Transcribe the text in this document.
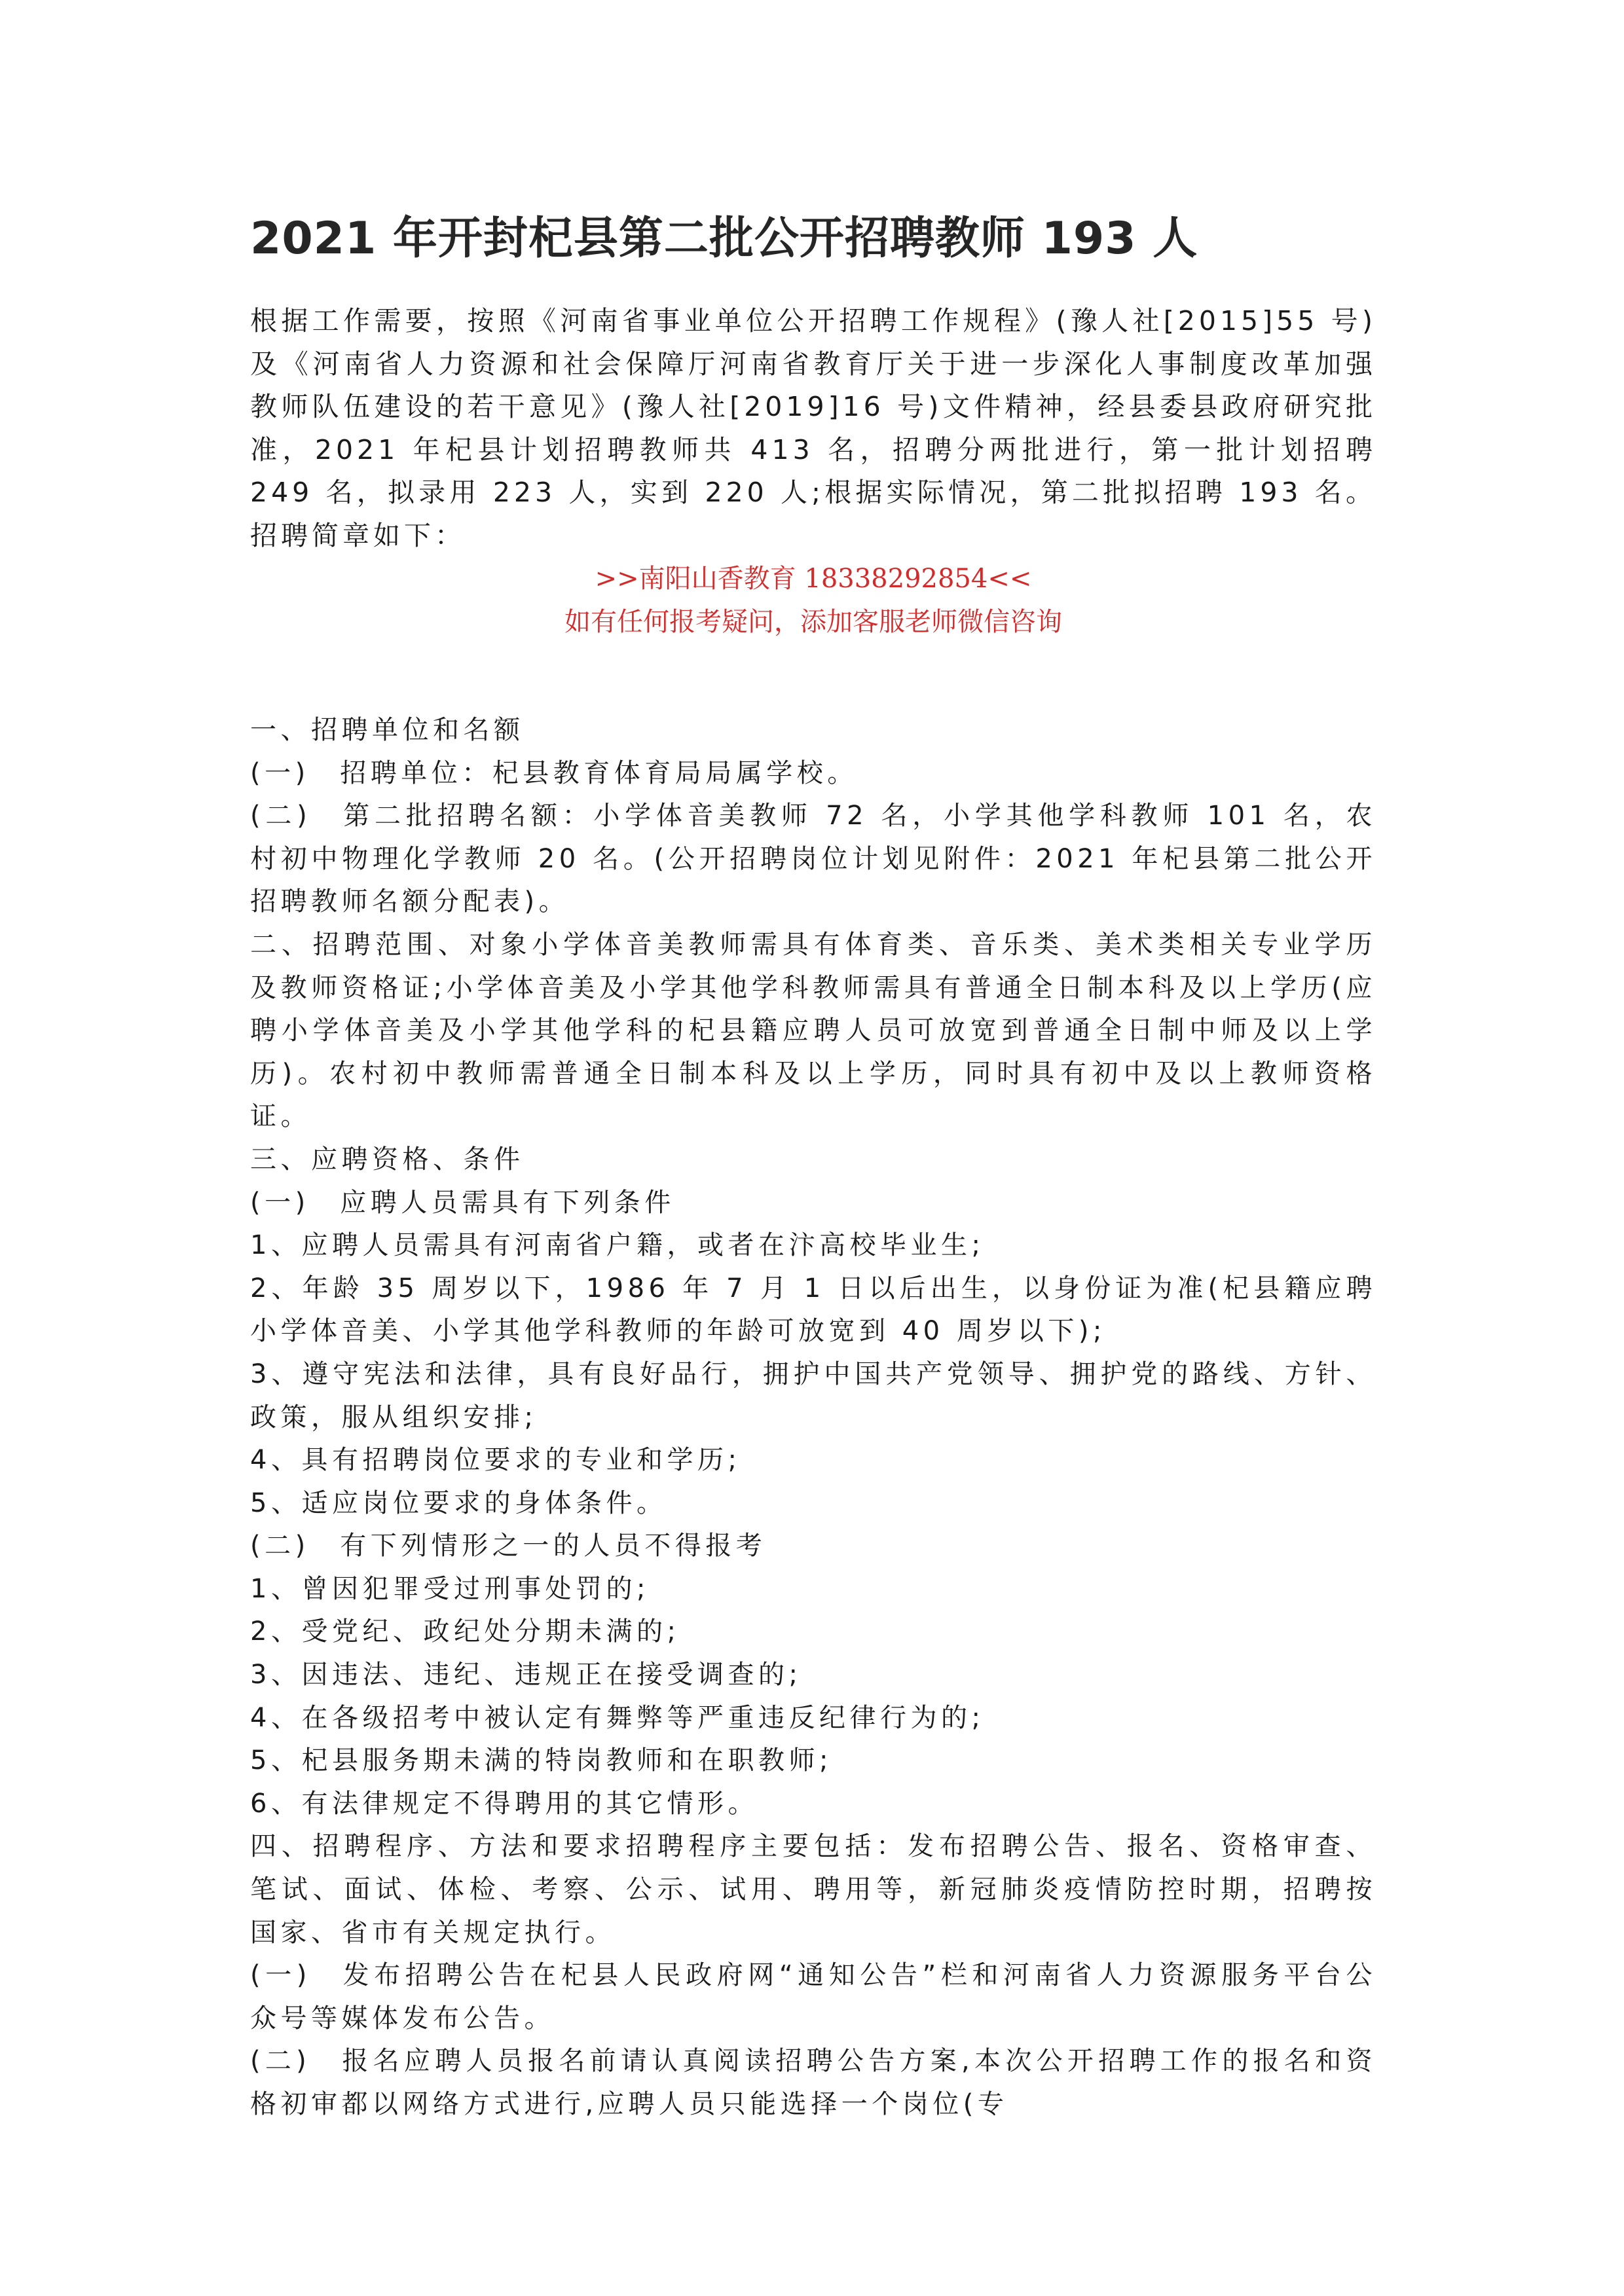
2021 年开封杞县第二批公开招聘教师 193 人

根据工作需要，按照《河南省事业单位公开招聘工作规程》(豫人社[2015]55 号)及《河南省人力资源和社会保障厅河南省教育厅关于进一步深化人事制度改革加强教师队伍建设的若干意见》(豫人社[2019]16 号)文件精神，经县委县政府研究批准，2021 年杞县计划招聘教师共 413 名，招聘分两批进行，第一批计划招聘 249 名，拟录用 223 人，实到 220 人;根据实际情况，第二批拟招聘 193 名。招聘简章如下：

>>南阳山香教育 18338292854<<
如有任何报考疑问，添加客服老师微信咨询

一、招聘单位和名额

(一)　招聘单位：杞县教育体育局局属学校。

(二)　第二批招聘名额：小学体音美教师 72 名，小学其他学科教师 101 名，农村初中物理化学教师 20 名。(公开招聘岗位计划见附件：2021 年杞县第二批公开招聘教师名额分配表)。

二、招聘范围、对象小学体音美教师需具有体育类、音乐类、美术类相关专业学历及教师资格证;小学体音美及小学其他学科教师需具有普通全日制本科及以上学历(应聘小学体音美及小学其他学科的杞县籍应聘人员可放宽到普通全日制中师及以上学历)。农村初中教师需普通全日制本科及以上学历，同时具有初中及以上教师资格证。

三、应聘资格、条件

(一)　应聘人员需具有下列条件

1、应聘人员需具有河南省户籍，或者在汴高校毕业生;

2、年龄 35 周岁以下，1986 年 7 月 1 日以后出生，以身份证为准(杞县籍应聘小学体音美、小学其他学科教师的年龄可放宽到 40 周岁以下);

3、遵守宪法和法律，具有良好品行，拥护中国共产党领导、拥护党的路线、方针、政策，服从组织安排;

4、具有招聘岗位要求的专业和学历;

5、适应岗位要求的身体条件。

(二)　有下列情形之一的人员不得报考

1、曾因犯罪受过刑事处罚的;

2、受党纪、政纪处分期未满的;

3、因违法、违纪、违规正在接受调查的;

4、在各级招考中被认定有舞弊等严重违反纪律行为的;

5、杞县服务期未满的特岗教师和在职教师;

6、有法律规定不得聘用的其它情形。

四、招聘程序、方法和要求招聘程序主要包括：发布招聘公告、报名、资格审查、笔试、面试、体检、考察、公示、试用、聘用等，新冠肺炎疫情防控时期，招聘按国家、省市有关规定执行。

(一)　发布招聘公告在杞县人民政府网“通知公告”栏和河南省人力资源服务平台公众号等媒体发布公告。

(二)　报名应聘人员报名前请认真阅读招聘公告方案,本次公开招聘工作的报名和资格初审都以网络方式进行,应聘人员只能选择一个岗位(专
